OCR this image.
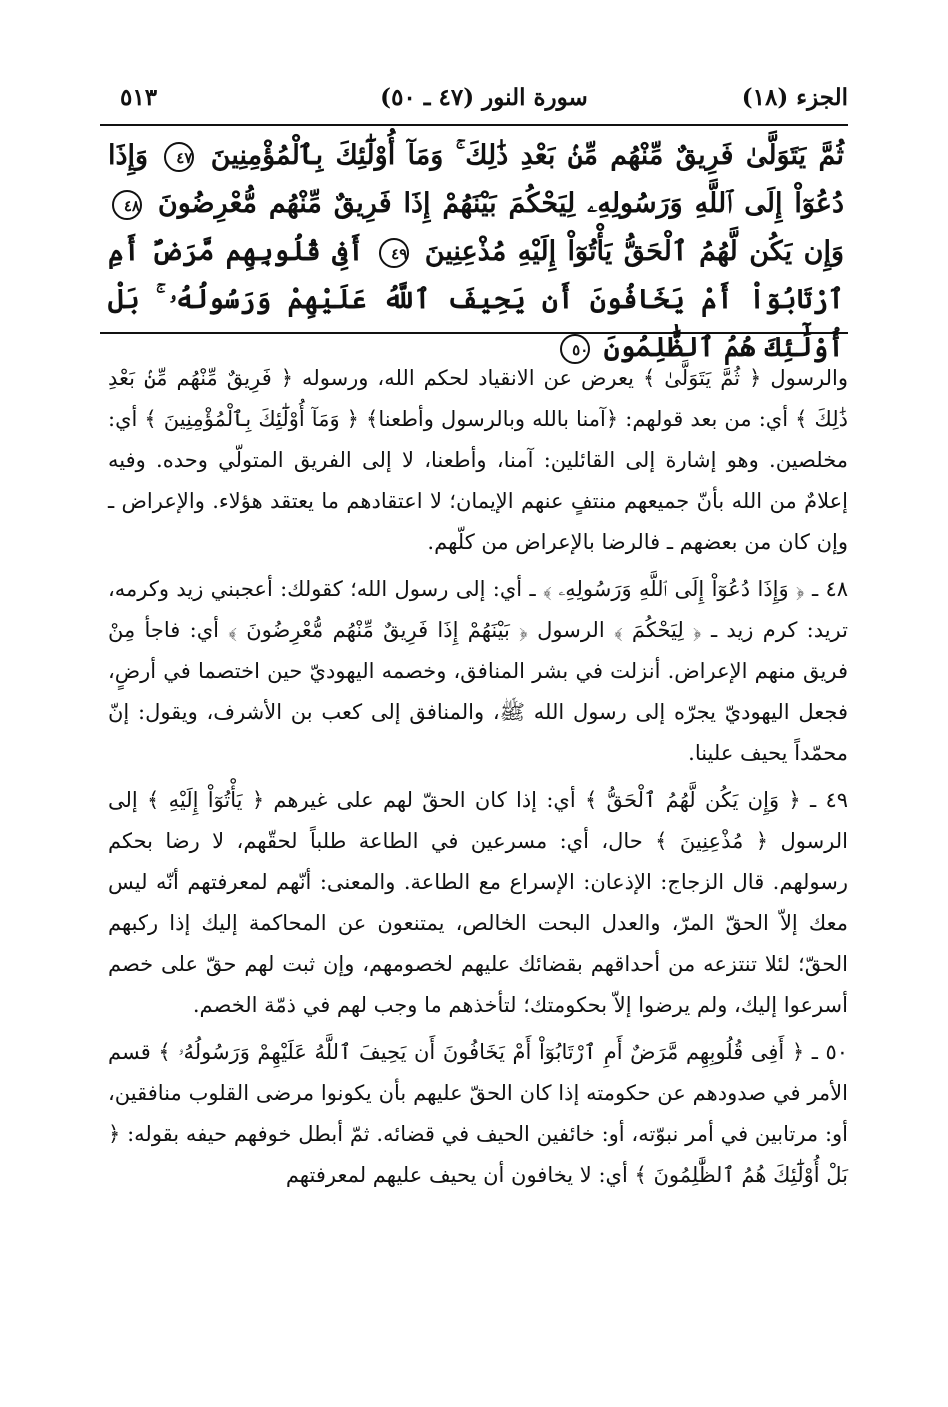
الجزء (١٨)
سورة النور (٤٧ ـ ٥٠)
٥١٣
ثُمَّ يَتَوَلَّىٰ فَرِيقٌ مِّنْهُم مِّنۢ بَعْدِ ذَٰلِكَ ۚ وَمَآ أُوْلَٰٓئِكَ بِٱلْمُؤْمِنِينَ ٤٧ وَإِذَا دُعُوٓاْ إِلَى ٱللَّهِ وَرَسُولِهِۦ لِيَحْكُمَ بَيْنَهُمْ إِذَا فَرِيقٌ مِّنْهُم مُّعْرِضُونَ ٤٨ وَإِن يَكُن لَّهُمُ ٱلْحَقُّ يَأْتُوٓاْ إِلَيْهِ مُذْعِنِينَ ٤٩ أَفِى قُلُوبِهِم مَّرَضٌ أَمِ ٱرْتَابُوٓاْ أَمْ يَخَافُونَ أَن يَحِيفَ ٱللَّهُ عَلَيْهِمْ وَرَسُولُهُۥ ۚ بَلْ أُوْلَٰٓئِكَ هُمُ ٱلظَّٰلِمُونَ ٥٠

والرسول ﴿ ثُمَّ يَتَوَلَّىٰ ﴾ يعرض عن الانقياد لحكم الله، ورسوله ﴿ فَرِيقٌ مِّنْهُم مِّنۢ بَعْدِ ذَٰلِكَ ﴾ أي: من بعد قولهم: ﴿آمنا بالله وبالرسول وأطعنا﴾ ﴿ وَمَآ أُوْلَٰٓئِكَ بِٱلْمُؤْمِنِينَ ﴾ أي: مخلصين. وهو إشارة إلى القائلين: آمنا، وأطعنا، لا إلى الفريق المتولّي وحده. وفيه إعلامٌ من الله بأنّ جميعهم منتفٍ عنهم الإيمان؛ لا اعتقادهم ما يعتقد هؤلاء. والإعراض ـ وإن كان من بعضهم ـ فالرضا بالإعراض من كلّهم.

٤٨ ـ ﴿ وَإِذَا دُعُوٓاْ إِلَى ٱللَّهِ وَرَسُولِهِۦ ﴾ ـ أي: إلى رسول الله؛ كقولك: أعجبني زيد وكرمه، تريد: كرم زيد ـ ﴿ لِيَحْكُمَ ﴾ الرسول ﴿ بَيْنَهُمْ إِذَا فَرِيقٌ مِّنْهُم مُّعْرِضُونَ ﴾ أي: فاجأ مِنْ فريق منهم الإعراض. أنزلت في بشر المنافق، وخصمه اليهوديّ حين اختصما في أرضٍ، فجعل اليهوديّ يجرّه إلى رسول الله ﷺ، والمنافق إلى كعب بن الأشرف، ويقول: إنّ محمّداً يحيف علينا.

٤٩ ـ ﴿ وَإِن يَكُن لَّهُمُ ٱلْحَقُّ ﴾ أي: إذا كان الحقّ لهم على غيرهم ﴿ يَأْتُوٓاْ إِلَيْهِ ﴾ إلى الرسول ﴿ مُذْعِنِينَ ﴾ حال، أي: مسرعين في الطاعة طلباً لحقّهم، لا رضا بحكم رسولهم. قال الزجاج: الإذعان: الإسراع مع الطاعة. والمعنى: أنّهم لمعرفتهم أنّه ليس معك إلاّ الحقّ المرّ، والعدل البحت الخالص، يمتنعون عن المحاكمة إليك إذا ركبهم الحقّ؛ لئلا تنتزعه من أحداقهم بقضائك عليهم لخصومهم، وإن ثبت لهم حقّ على خصم أسرعوا إليك، ولم يرضوا إلاّ بحكومتك؛ لتأخذهم ما وجب لهم في ذمّة الخصم.

٥٠ ـ ﴿ أَفِى قُلُوبِهِم مَّرَضٌ أَمِ ٱرْتَابُوٓاْ أَمْ يَخَافُونَ أَن يَحِيفَ ٱللَّهُ عَلَيْهِمْ وَرَسُولُهُۥ ﴾ قسم الأمر في صدودهم عن حكومته إذا كان الحقّ عليهم بأن يكونوا مرضى القلوب منافقين، أو: مرتابين في أمر نبوّته، أو: خائفين الحيف في قضائه. ثمّ أبطل خوفهم حيفه بقوله: ﴿ بَلْ أُوْلَٰٓئِكَ هُمُ ٱلظَّٰلِمُونَ ﴾ أي: لا يخافون أن يحيف عليهم لمعرفتهم
